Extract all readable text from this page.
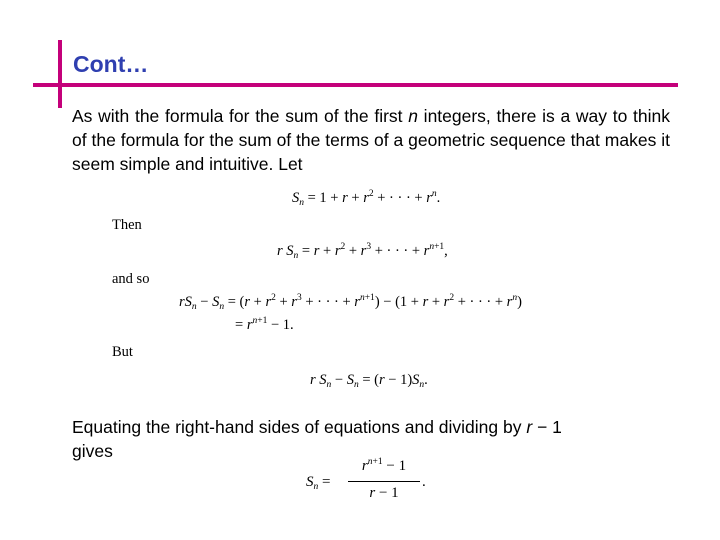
Cont…
As with the formula for the sum of the first n integers, there is a way to think of the formula for the sum of the terms of a geometric sequence that makes it seem simple and intuitive. Let
$S_n = 1 + r + r^2$ + · · · + $r^n$.
Then
r $S_n = r + r^2 + r^3$ + · · · + $r^{n+1}$,
and so
$rS_n - S_n = (r + r^2 + r^3$ + · · · + $r^{n+1}) - (1 + r + r^2$ + · · · + $r^n$)
= $r^{n+1} - 1$.
But
r $S_n - S_n = (r - 1)S_n$.
Equating the right-hand sides of equations and dividing by r − 1
gives
$S_n$ =
$r^{n+1} - 1$
r − 1
.
